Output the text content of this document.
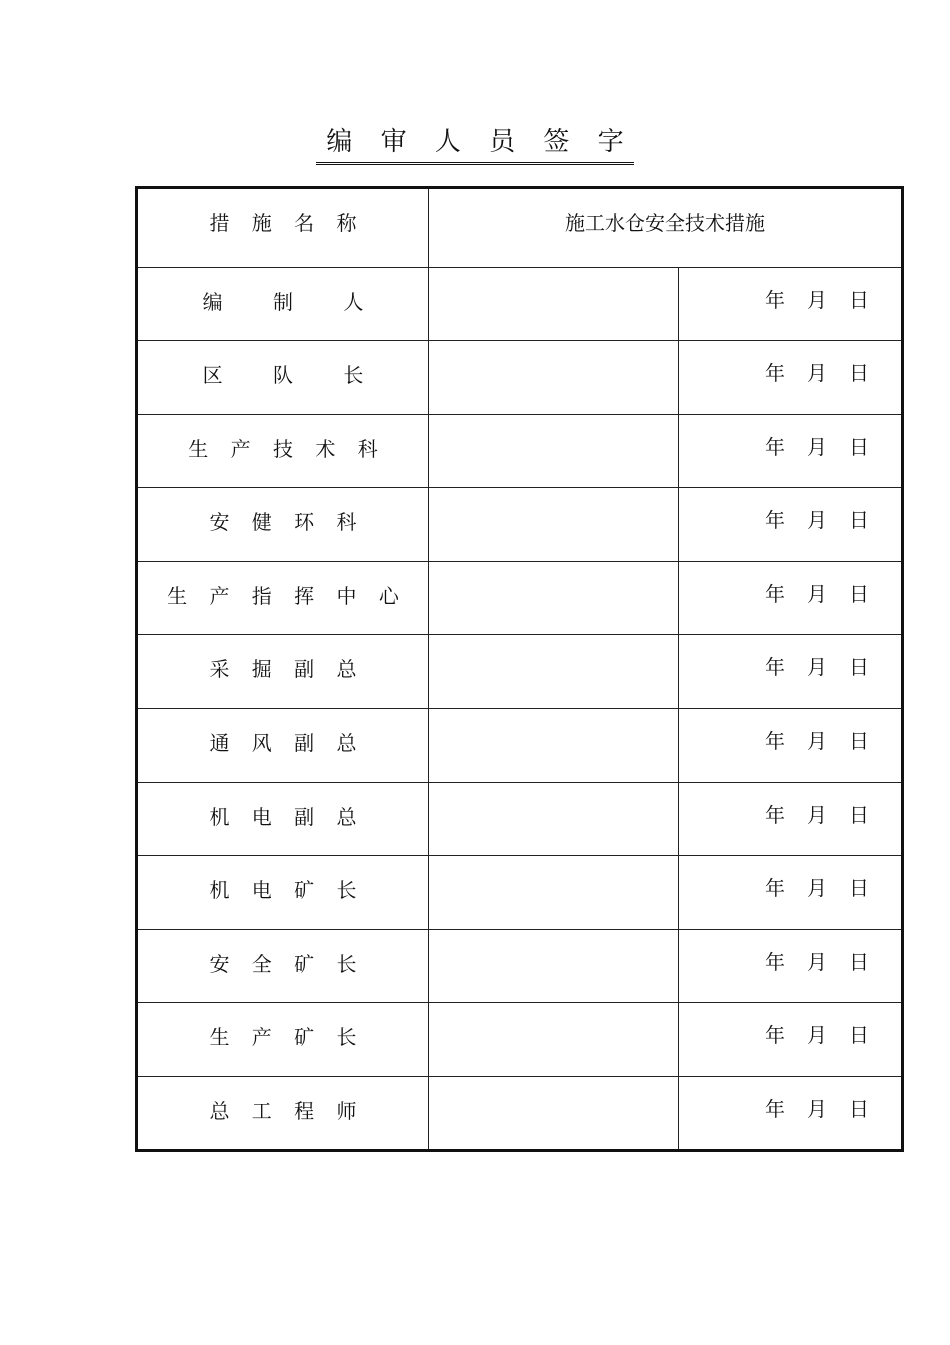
编 审 人 员 签 字
措 施 名 称	施工水仓安全技术措施	
编 制 人		年 月 日

区 队 长		年 月 日

生 产 技 术 科		年 月 日

安 健 环 科		年 月 日

生 产 指 挥 中 心		年 月 日

采 掘 副 总		年 月 日

通 风 副 总		年 月 日

机 电 副 总		年 月 日

机 电 矿 长		年 月 日

安 全 矿 长		年 月 日

生 产 矿 长		年 月 日

总 工 程 师		年 月 日
